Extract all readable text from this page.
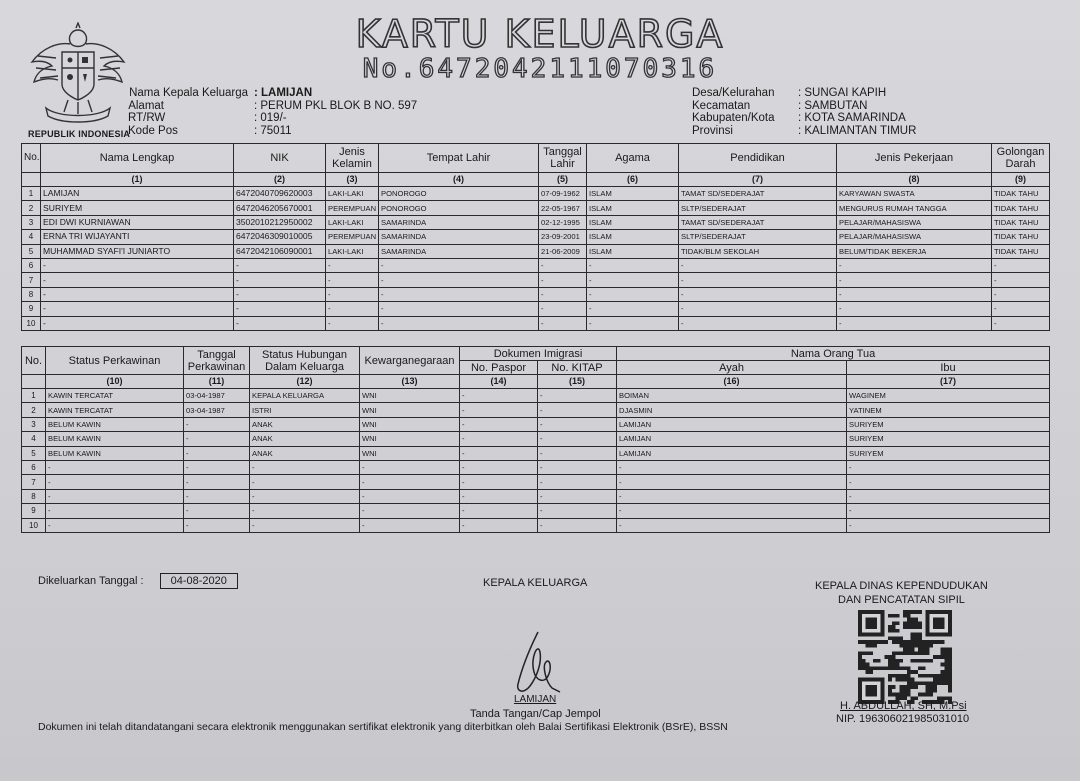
REPUBLIK INDONESIA
KARTU KELUARGA
No.6472042111070316
Nama Kepala Keluarga : LAMIJAN
Alamat	: PERUM PKL BLOK B NO. 597
RT/RW	: 019/-
Kode Pos	: 75011
Desa/Kelurahan	: SUNGAI KAPIH
Kecamatan	: SAMBUTAN
Kabupaten/Kota	: KOTA SAMARINDA
Provinsi	: KALIMANTAN TIMUR
No.	Nama Lengkap	NIK	Jenis Kelamin	Tempat Lahir	Tanggal Lahir	Agama	Pendidikan	Jenis Pekerjaan	Golongan Darah
	(1)	(2)	(3)	(4)	(5)	(6)	(7)	(8)	(9)
1	LAMIJAN	6472040709620003	LAKI-LAKI	PONOROGO	07-09-1962	ISLAM	TAMAT SD/SEDERAJAT	KARYAWAN SWASTA	TIDAK TAHU
2	SURIYEM	6472046205670001	PEREMPUAN	PONOROGO	22-05-1967	ISLAM	SLTP/SEDERAJAT	MENGURUS RUMAH TANGGA	TIDAK TAHU
3	EDI DWI KURNIAWAN	3502010212950002	LAKI-LAKI	SAMARINDA	02-12-1995	ISLAM	TAMAT SD/SEDERAJAT	PELAJAR/MAHASISWA	TIDAK TAHU
4	ERNA TRI WIJAYANTI	6472046309010005	PEREMPUAN	SAMARINDA	23-09-2001	ISLAM	SLTP/SEDERAJAT	PELAJAR/MAHASISWA	TIDAK TAHU
5	MUHAMMAD SYAFI'I JUNIARTO	6472042106090001	LAKI-LAKI	SAMARINDA	21-06-2009	ISLAM	TIDAK/BLM SEKOLAH	BELUM/TIDAK BEKERJA	TIDAK TAHU
6	-	-	-	-	-	-	-	-	-
7	-	-	-	-	-	-	-	-	-
8	-	-	-	-	-	-	-	-	-
9	-	-	-	-	-	-	-	-	-
10	-	-	-	-	-	-	-	-	-
No.	Status Perkawinan	Tanggal Perkawinan	Status Hubungan Dalam Keluarga	Kewarganegaraan	Dokumen Imigrasi		Nama Orang Tua	
					No. Paspor	No. KITAP	Ayah	Ibu
	(10)	(11)	(12)	(13)	(14)	(15)	(16)	(17)
1	KAWIN TERCATAT	03-04-1987	KEPALA KELUARGA	WNI	-	-	BOIMAN	WAGINEM
2	KAWIN TERCATAT	03-04-1987	ISTRI	WNI	-	-	DJASMIN	YATINEM
3	BELUM KAWIN	-	ANAK	WNI	-	-	LAMIJAN	SURIYEM
4	BELUM KAWIN	-	ANAK	WNI	-	-	LAMIJAN	SURIYEM
5	BELUM KAWIN	-	ANAK	WNI	-	-	LAMIJAN	SURIYEM
6	-	-	-	-	-	-	-	-
7	-	-	-	-	-	-	-	-
8	-	-	-	-	-	-	-	-
9	-	-	-	-	-	-	-	-
10	-	-	-	-	-	-	-	-
Dikeluarkan Tanggal : 04-08-2020	KEPALA KELUARGA
LAMIJAN
Tanda Tangan/Cap Jempol
KEPALA DINAS KEPENDUDUKAN
DAN PENCATATAN SIPIL
H. ABDULLAH, SH, M.Psi
NIP. 196306021985031010
Dokumen ini telah ditandatangani secara elektronik menggunakan sertifikat elektronik yang diterbitkan oleh Balai Sertifikasi Elektronik (BSrE), BSSN
